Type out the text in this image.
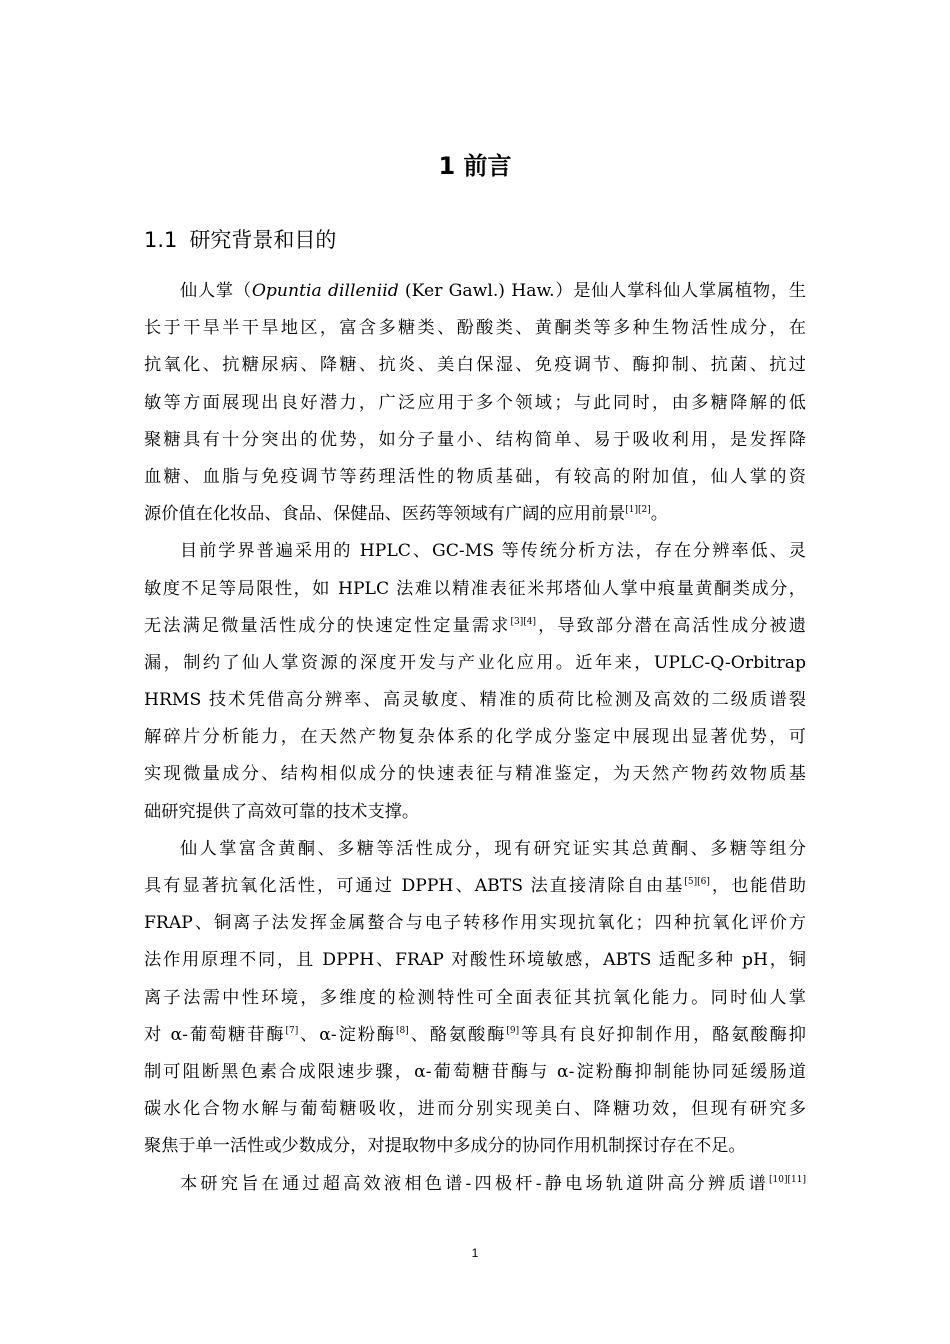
1 前言
1.1 研究背景和目的
仙人掌（Opuntia dilleniid (Ker Gawl.) Haw.）是仙人掌科仙人掌属植物，生
长于干旱半干旱地区，富含多糖类、酚酸类、黄酮类等多种生物活性成分，在
抗氧化、抗糖尿病、降糖、抗炎、美白保湿、免疫调节、酶抑制、抗菌、抗过
敏等方面展现出良好潜力，广泛应用于多个领域；与此同时，由多糖降解的低
聚糖具有十分突出的优势，如分子量小、结构简单、易于吸收利用，是发挥降
血糖、血脂与免疫调节等药理活性的物质基础，有较高的附加值，仙人掌的资
源价值在化妆品、食品、保健品、医药等领域有广阔的应用前景[1][2]。
目前学界普遍采用的 HPLC、GC-MS 等传统分析方法，存在分辨率低、灵
敏度不足等局限性，如 HPLC 法难以精准表征米邦塔仙人掌中痕量黄酮类成分，
无法满足微量活性成分的快速定性定量需求[3][4]，导致部分潜在高活性成分被遗
漏，制约了仙人掌资源的深度开发与产业化应用。近年来，UPLC-Q-Orbitrap
HRMS 技术凭借高分辨率、高灵敏度、精准的质荷比检测及高效的二级质谱裂
解碎片分析能力，在天然产物复杂体系的化学成分鉴定中展现出显著优势，可
实现微量成分、结构相似成分的快速表征与精准鉴定，为天然产物药效物质基
础研究提供了高效可靠的技术支撑。
仙人掌富含黄酮、多糖等活性成分，现有研究证实其总黄酮、多糖等组分
具有显著抗氧化活性，可通过 DPPH、ABTS 法直接清除自由基[5][6]，也能借助
FRAP、铜离子法发挥金属螯合与电子转移作用实现抗氧化；四种抗氧化评价方
法作用原理不同，且 DPPH、FRAP 对酸性环境敏感，ABTS 适配多种 pH，铜
离子法需中性环境，多维度的检测特性可全面表征其抗氧化能力。同时仙人掌
对 α-葡萄糖苷酶[7]、α-淀粉酶[8]、酪氨酸酶[9]等具有良好抑制作用，酪氨酸酶抑
制可阻断黑色素合成限速步骤，α-葡萄糖苷酶与 α-淀粉酶抑制能协同延缓肠道
碳水化合物水解与葡萄糖吸收，进而分别实现美白、降糖功效，但现有研究多
聚焦于单一活性或少数成分，对提取物中多成分的协同作用机制探讨存在不足。
本研究旨在通过超高效液相色谱-四极杆-静电场轨道阱高分辨质谱[10][11]
1
